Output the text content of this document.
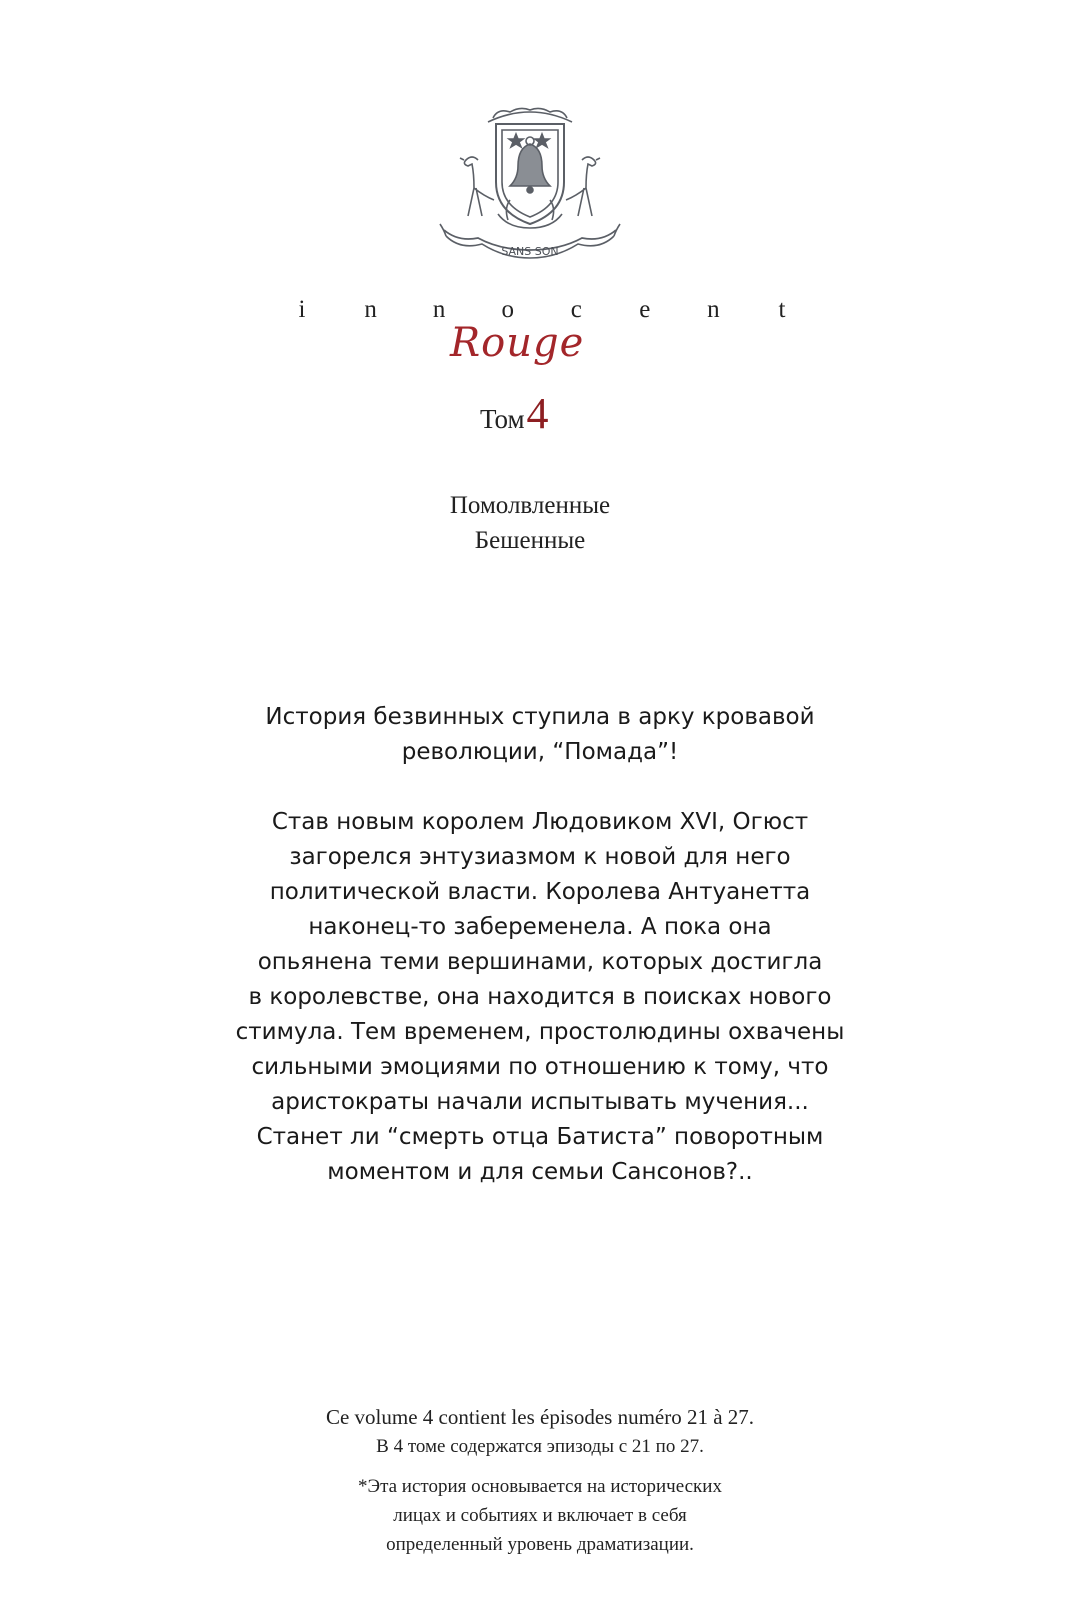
SANS SON
i n n o c e n t
Rouge
Том4
Помолвленные
Бешенные

История безвинных ступила в арку кровавой

революции, “Помада”!

Став новым королем Людовиком XVI, Огюст

загорелся энтузиазмом к новой для него

политической власти. Королева Антуанетта

наконец-то забеременела. А пока она

опьянена теми вершинами, которых достигла

в королевстве, она находится в поисках нового

стимула. Тем временем, простолюдины охвачены

сильными эмоциями по отношению к тому, что

аристократы начали испытывать мучения...

Станет ли “смерть отца Батиста” поворотным

моментом и для семьи Сансонов?..

Ce volume 4 contient les épisodes numéro 21 à 27.
В 4 томе содержатся эпизоды с 21 по 27.
*Эта история основывается на исторических
лицах и событиях и включает в себя
определенный уровень драматизации.
